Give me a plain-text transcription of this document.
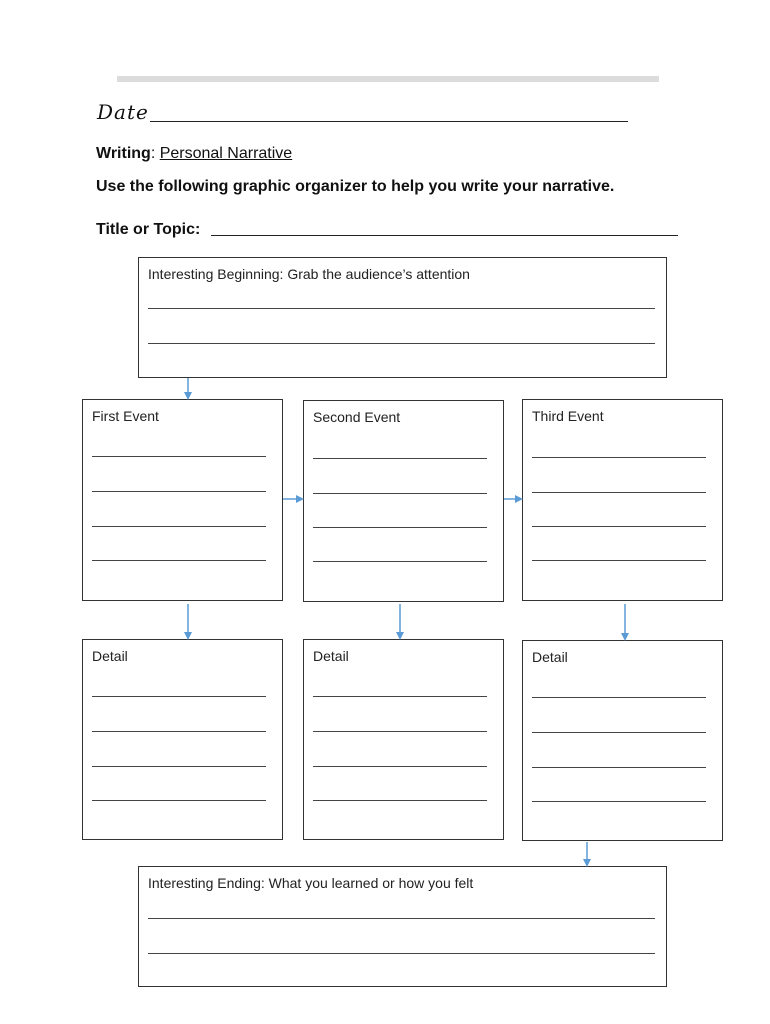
Date
Writing: Personal Narrative
Use the following graphic organizer to help you write your narrative.
Title or Topic:
Interesting Beginning: Grab the audience’s attention
First Event	Second Event	Third Event
Detail	Detail	Detail
Interesting Ending: What you learned or how you felt
